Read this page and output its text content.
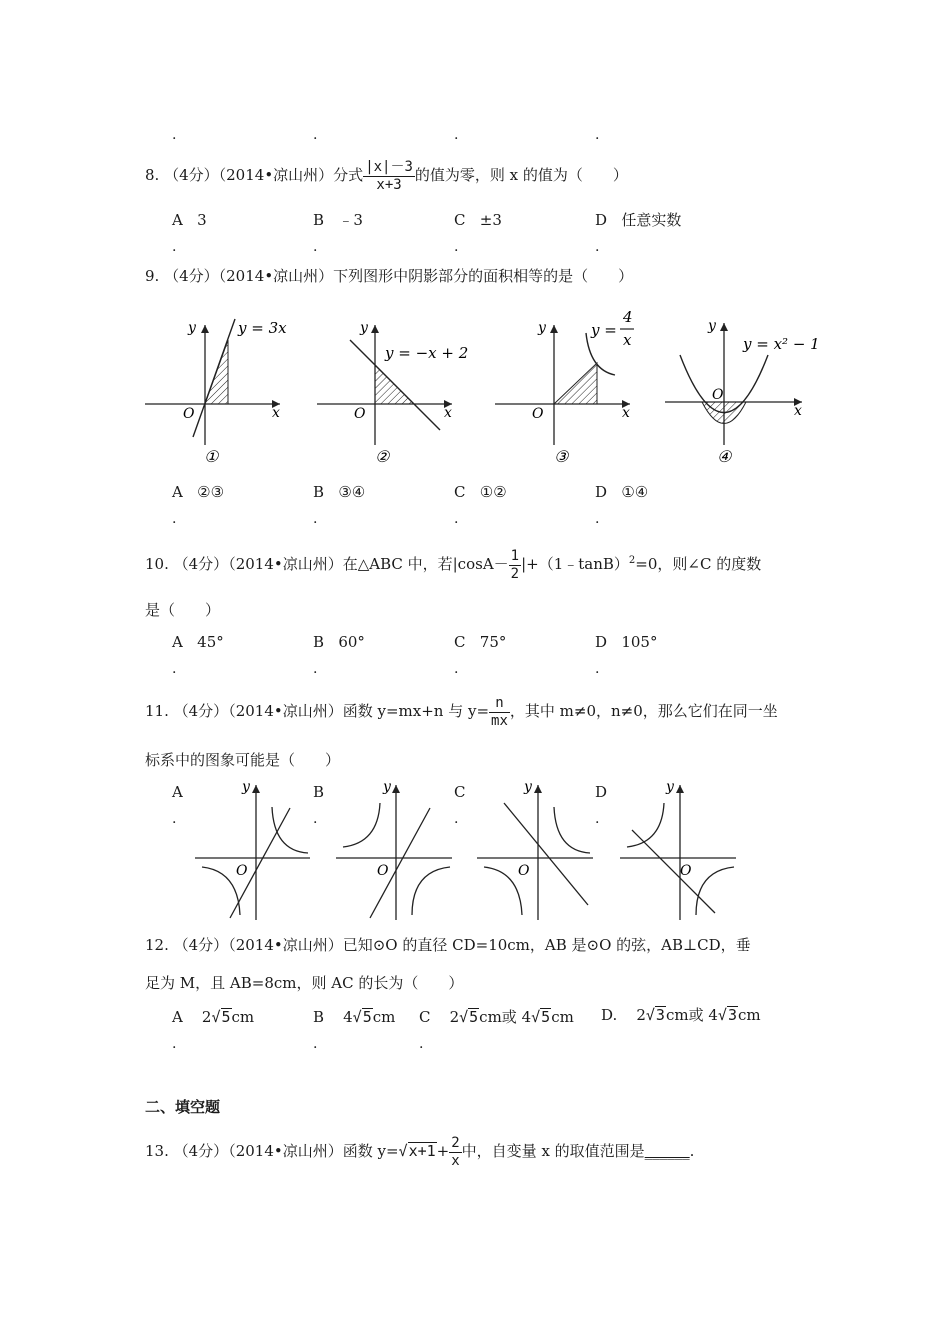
.	.	.	.
8. （4分）（2014•凉山州）分式 $\frac{|x|-3}{x+3}$ 的值为零，则 x 的值为（　　）
A 3	B ﹣3	C ±3	D 任意实数
.	.	.	.
9. （4分）（2014•凉山州）下列图形中阴影部分的面积相等的是（　　）
x
y
O
y = 3x
①
x
y
O
y = −x + 2
②
x
y
O
y =
4
x
③
x
y
O
y = x² − 1
④
A ②③	B ③④	C ①②	D ①④
.	.	.	.
10. （4分）（2014•凉山州）在△ABC 中，若$|\cos A- \frac{1}{2}$ |+（1﹣tanB）$^2$=0，则∠C 的度数
是（　　）
A 45°	B 60°	C 75°	D 105°
.	.	.	.
11. （4分）（2014•凉山州）函数 y=mx+n 与 $y= \frac{n}{mx}$ ，其中 m≠0，n≠0，那么它们在同一坐
标系中的图象可能是（　　）
A	B	C	D
.	.	.	.
y
O
y
O
y
O
y
O
12. （4分）（2014•凉山州）已知⊙O 的直径 CD=10cm，AB 是⊙O 的弦，AB⊥CD，垂
足为 M，且 AB=8cm，则 AC 的长为（　　）
A 2√5cm	B 4√5cm C 2√5cm或 4√5cm D. 2√3cm或 4√3cm
.	.	.
二、填空题
13. （4分）（2014•凉山州）函数 $y=√x+1+ \frac{2}{x}$ 中，自变量 x 的取值范围是______.
